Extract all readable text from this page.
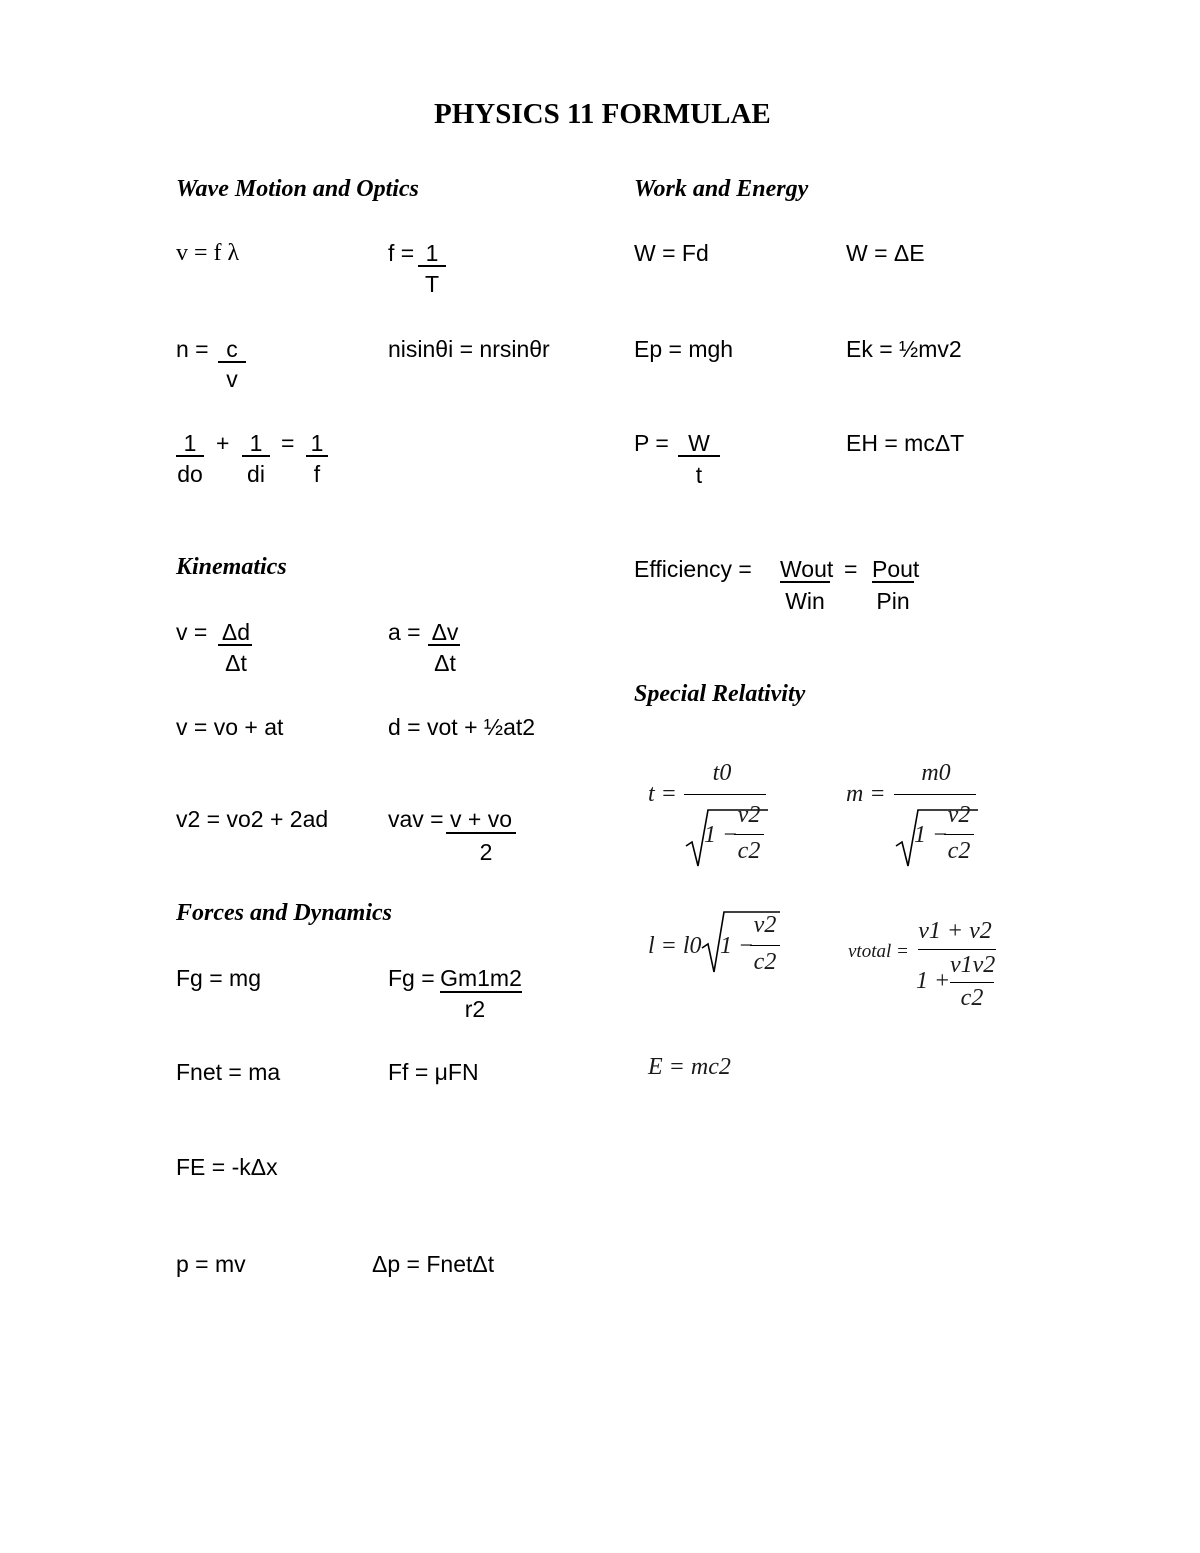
PHYSICS 11 FORMULAE
Wave Motion and Optics	Work and Energy
Kinematics
Forces and Dynamics
Special Relativity
v = f λ	f = 1
T
n = c
v
nisinθi = nrsinθr
1
do
+ 1
di
= 1
f
W = Fd	W = ΔE
Ep = mgh	Ek = ½mv2
P = W
t
EH = mcΔT
Efficiency = Wout
Win
= Pout
Pin
v = Δd
Δt
a = Δv
Δt
v = vo + at	d = vot + ½at2
v2 = vo2 + 2ad	vav = v + vo
2
Fg = mg	Fg = Gm1m2
r2
Fnet = ma	Ff = μFN
FE = -kΔx
p = mv	Δp = FnetΔt
t =
t0
1 −
v2
c2
m =
m0
1 −
v2
c2
l = l0 1 −
v2
c2	vtotal =
v1 + v2
1 +
v1v2
c2
E = mc2
